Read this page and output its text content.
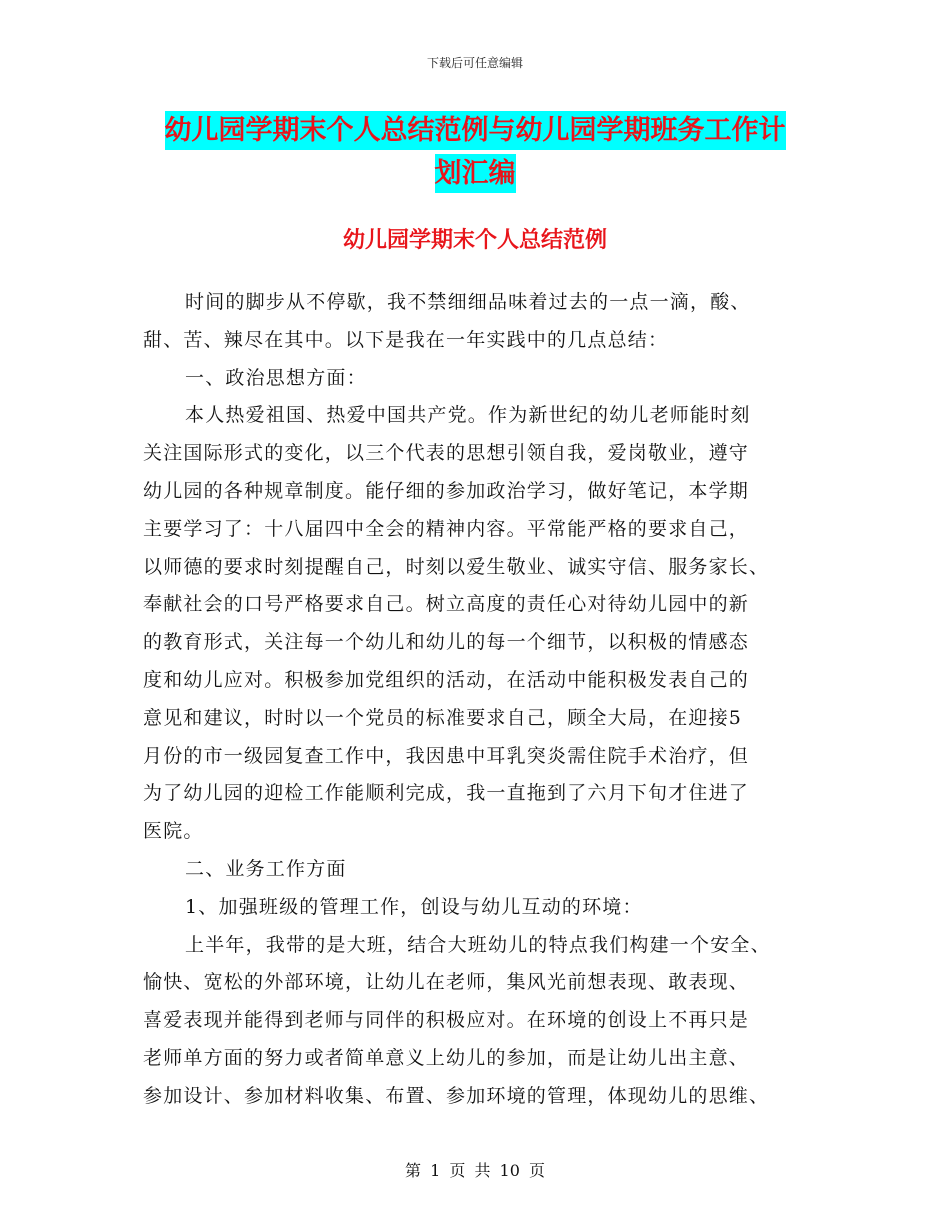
下载后可任意编辑
幼儿园学期末个人总结范例与幼儿园学期班务工作计
划汇编
幼儿园学期末个人总结范例
时间的脚步从不停歇，我不禁细细品味着过去的一点一滴，酸、
甜、苦、辣尽在其中。以下是我在一年实践中的几点总结：
一、政治思想方面：
本人热爱祖国、热爱中国共产党。作为新世纪的幼儿老师能时刻
关注国际形式的变化，以三个代表的思想引领自我，爱岗敬业，遵守
幼儿园的各种规章制度。能仔细的参加政治学习，做好笔记，本学期
主要学习了：十八届四中全会的精神内容。平常能严格的要求自己，
以师德的要求时刻提醒自己，时刻以爱生敬业、诚实守信、服务家长、
奉献社会的口号严格要求自己。树立高度的责任心对待幼儿园中的新
的教育形式，关注每一个幼儿和幼儿的每一个细节，以积极的情感态
度和幼儿应对。积极参加党组织的活动，在活动中能积极发表自己的
意见和建议，时时以一个党员的标准要求自己，顾全大局，在迎接5
月份的市一级园复查工作中，我因患中耳乳突炎需住院手术治疗，但
为了幼儿园的迎检工作能顺利完成，我一直拖到了六月下旬才住进了
医院。
二、业务工作方面
1、加强班级的管理工作，创设与幼儿互动的环境：
上半年，我带的是大班，结合大班幼儿的特点我们构建一个安全、
愉快、宽松的外部环境，让幼儿在老师，集风光前想表现、敢表现、
喜爱表现并能得到老师与同伴的积极应对。在环境的创设上不再只是
老师单方面的努力或者简单意义上幼儿的参加，而是让幼儿出主意、
参加设计、参加材料收集、布置、参加环境的管理，体现幼儿的思维、
第 1 页 共 10 页
